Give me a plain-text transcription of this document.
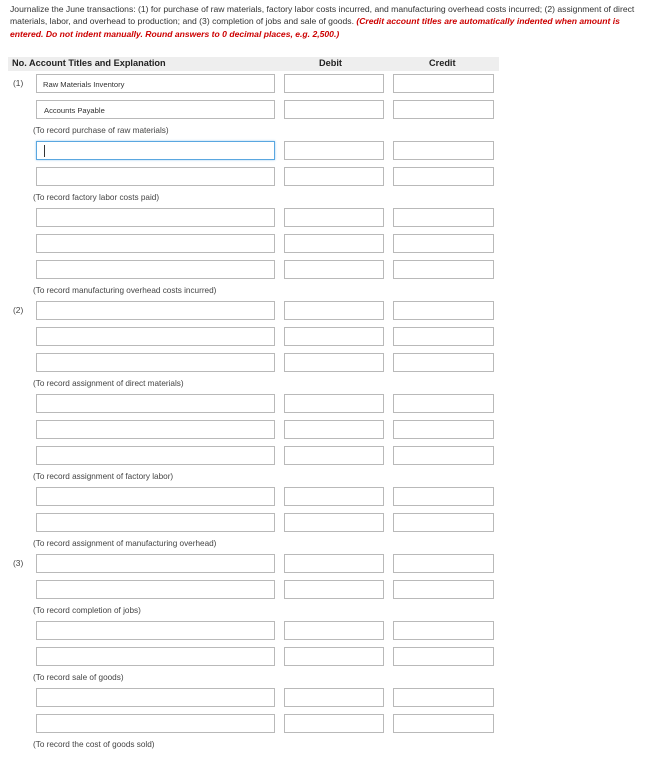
Journalize the June transactions: (1) for purchase of raw materials, factory labor costs incurred, and manufacturing overhead costs incurred; (2) assignment of direct materials, labor, and overhead to production; and (3) completion of jobs and sale of goods. (Credit account titles are automatically indented when amount is entered. Do not indent manually. Round answers to 0 decimal places, e.g. 2,500.)
No. Account Titles and Explanation	Debit	Credit
(1)	Raw Materials Inventory
Accounts Payable
(To record purchase of raw materials)
(To record factory labor costs paid)
(To record manufacturing overhead costs incurred)
(2)
(To record assignment of direct materials)
(To record assignment of factory labor)
(To record assignment of manufacturing overhead)
(3)
(To record completion of jobs)
(To record sale of goods)
(To record the cost of goods sold)
